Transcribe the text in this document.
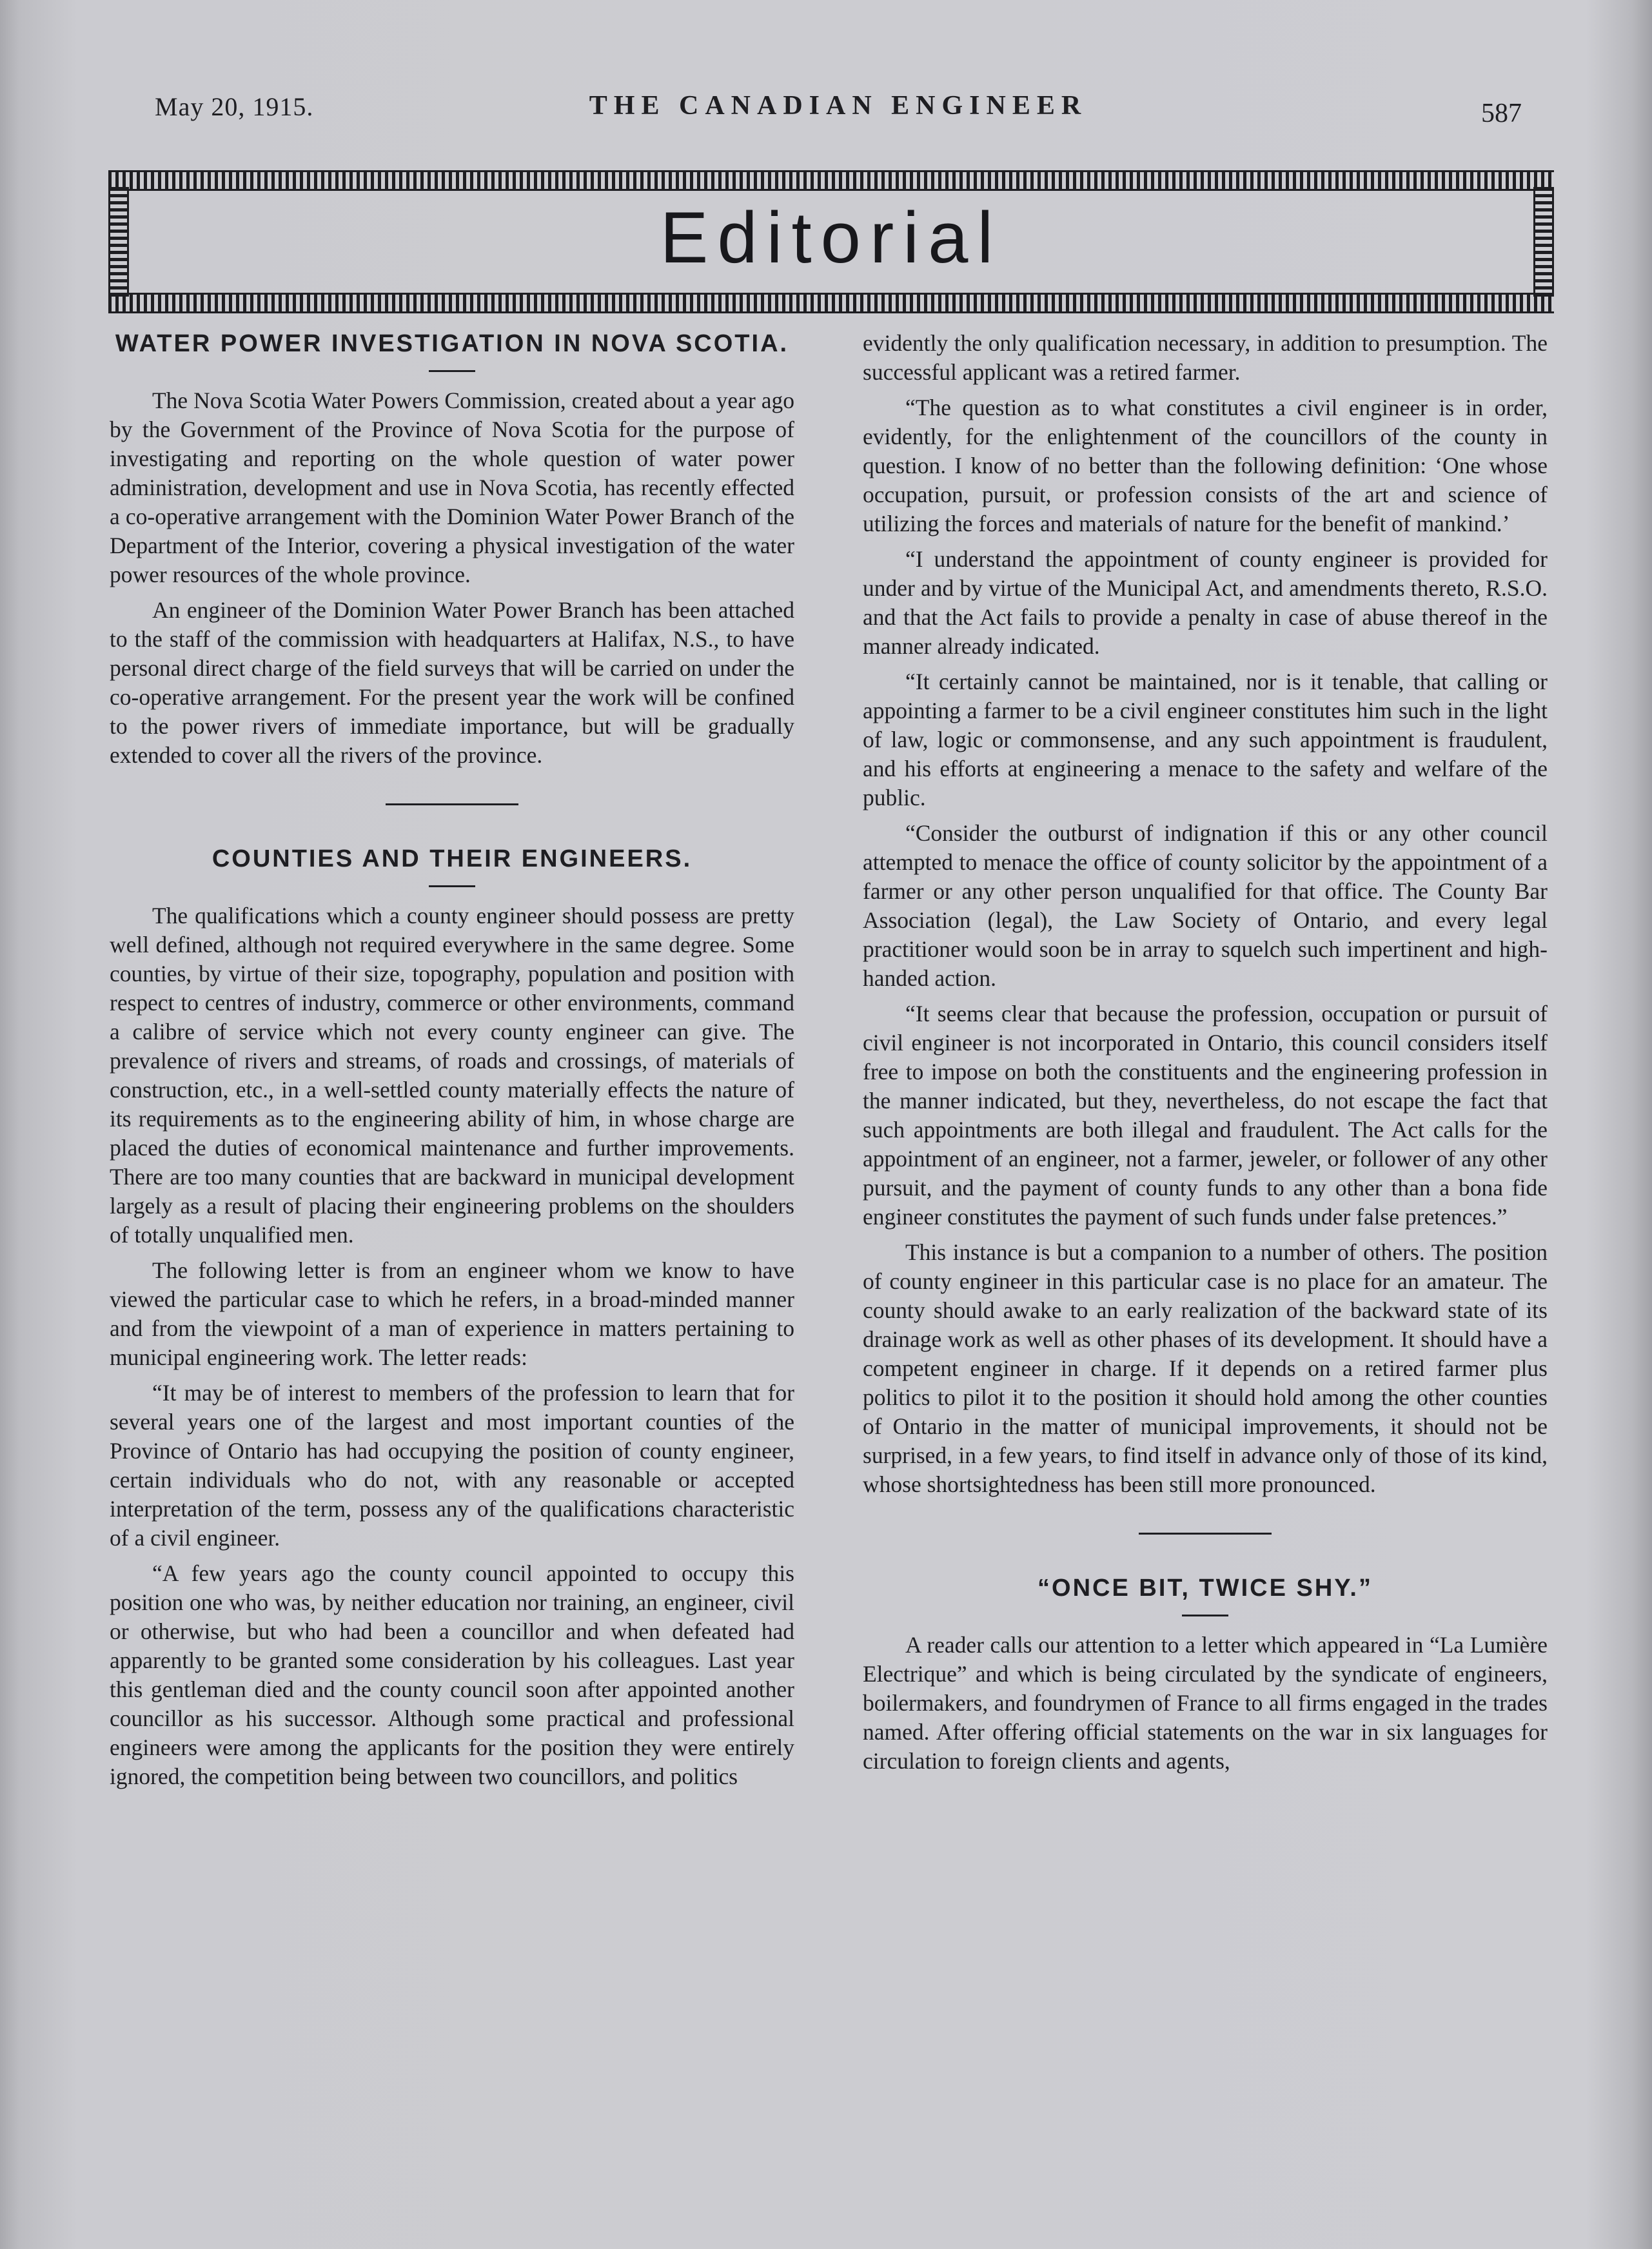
May 20, 1915.	THE CANADIAN ENGINEER	587
Editorial
WATER POWER INVESTIGATION IN NOVA SCOTIA.

The Nova Scotia Water Powers Commission, created about a year ago by the Government of the Province of Nova Scotia for the purpose of investigating and reporting on the whole question of water power administration, development and use in Nova Scotia, has recently effected a co-operative arrangement with the Dominion Water Power Branch of the Department of the Interior, covering a physical investigation of the water power resources of the whole province.

An engineer of the Dominion Water Power Branch has been attached to the staff of the commission with headquarters at Halifax, N.S., to have personal direct charge of the field surveys that will be carried on under the co-operative arrangement. For the present year the work will be confined to the power rivers of immediate importance, but will be gradually extended to cover all the rivers of the province.

COUNTIES AND THEIR ENGINEERS.

The qualifications which a county engineer should possess are pretty well defined, although not required everywhere in the same degree. Some counties, by virtue of their size, topography, population and position with respect to centres of industry, commerce or other environments, command a calibre of service which not every county engineer can give. The prevalence of rivers and streams, of roads and crossings, of materials of construction, etc., in a well-settled county materially effects the nature of its requirements as to the engineering ability of him, in whose charge are placed the duties of economical maintenance and further improvements. There are too many counties that are backward in municipal development largely as a result of placing their engineering problems on the shoulders of totally unqualified men.

The following letter is from an engineer whom we know to have viewed the particular case to which he refers, in a broad-minded manner and from the viewpoint of a man of experience in matters pertaining to municipal engineering work. The letter reads:

“It may be of interest to members of the profession to learn that for several years one of the largest and most important counties of the Province of Ontario has had occupying the position of county engineer, certain individuals who do not, with any reasonable or accepted interpretation of the term, possess any of the qualifications characteristic of a civil engineer.

“A few years ago the county council appointed to occupy this position one who was, by neither education nor training, an engineer, civil or otherwise, but who had been a councillor and when defeated had apparently to be granted some consideration by his colleagues. Last year this gentleman died and the county council soon after appointed another councillor as his successor. Although some practical and professional engineers were among the applicants for the position they were entirely ignored, the competition being between two councillors, and politics

evidently the only qualification necessary, in addition to presumption. The successful applicant was a retired farmer.

“The question as to what constitutes a civil engineer is in order, evidently, for the enlightenment of the councillors of the county in question. I know of no better than the following definition: ‘One whose occupation, pursuit, or profession consists of the art and science of utilizing the forces and materials of nature for the benefit of mankind.’

“I understand the appointment of county engineer is provided for under and by virtue of the Municipal Act, and amendments thereto, R.S.O. and that the Act fails to provide a penalty in case of abuse thereof in the manner already indicated.

“It certainly cannot be maintained, nor is it tenable, that calling or appointing a farmer to be a civil engineer constitutes him such in the light of law, logic or commonsense, and any such appointment is fraudulent, and his efforts at engineering a menace to the safety and welfare of the public.

“Consider the outburst of indignation if this or any other council attempted to menace the office of county solicitor by the appointment of a farmer or any other person unqualified for that office. The County Bar Association (legal), the Law Society of Ontario, and every legal practitioner would soon be in array to squelch such impertinent and high-handed action.

“It seems clear that because the profession, occupation or pursuit of civil engineer is not incorporated in Ontario, this council considers itself free to impose on both the constituents and the engineering profession in the manner indicated, but they, nevertheless, do not escape the fact that such appointments are both illegal and fraudulent. The Act calls for the appointment of an engineer, not a farmer, jeweler, or follower of any other pursuit, and the payment of county funds to any other than a bona fide engineer constitutes the payment of such funds under false pretences.”

This instance is but a companion to a number of others. The position of county engineer in this particular case is no place for an amateur. The county should awake to an early realization of the backward state of its drainage work as well as other phases of its development. It should have a competent engineer in charge. If it depends on a retired farmer plus politics to pilot it to the position it should hold among the other counties of Ontario in the matter of municipal improvements, it should not be surprised, in a few years, to find itself in advance only of those of its kind, whose shortsightedness has been still more pronounced.

“ONCE BIT, TWICE SHY.”

A reader calls our attention to a letter which appeared in “La Lumière Electrique” and which is being circulated by the syndicate of engineers, boilermakers, and foundrymen of France to all firms engaged in the trades named. After offering official statements on the war in six languages for circulation to foreign clients and agents,
